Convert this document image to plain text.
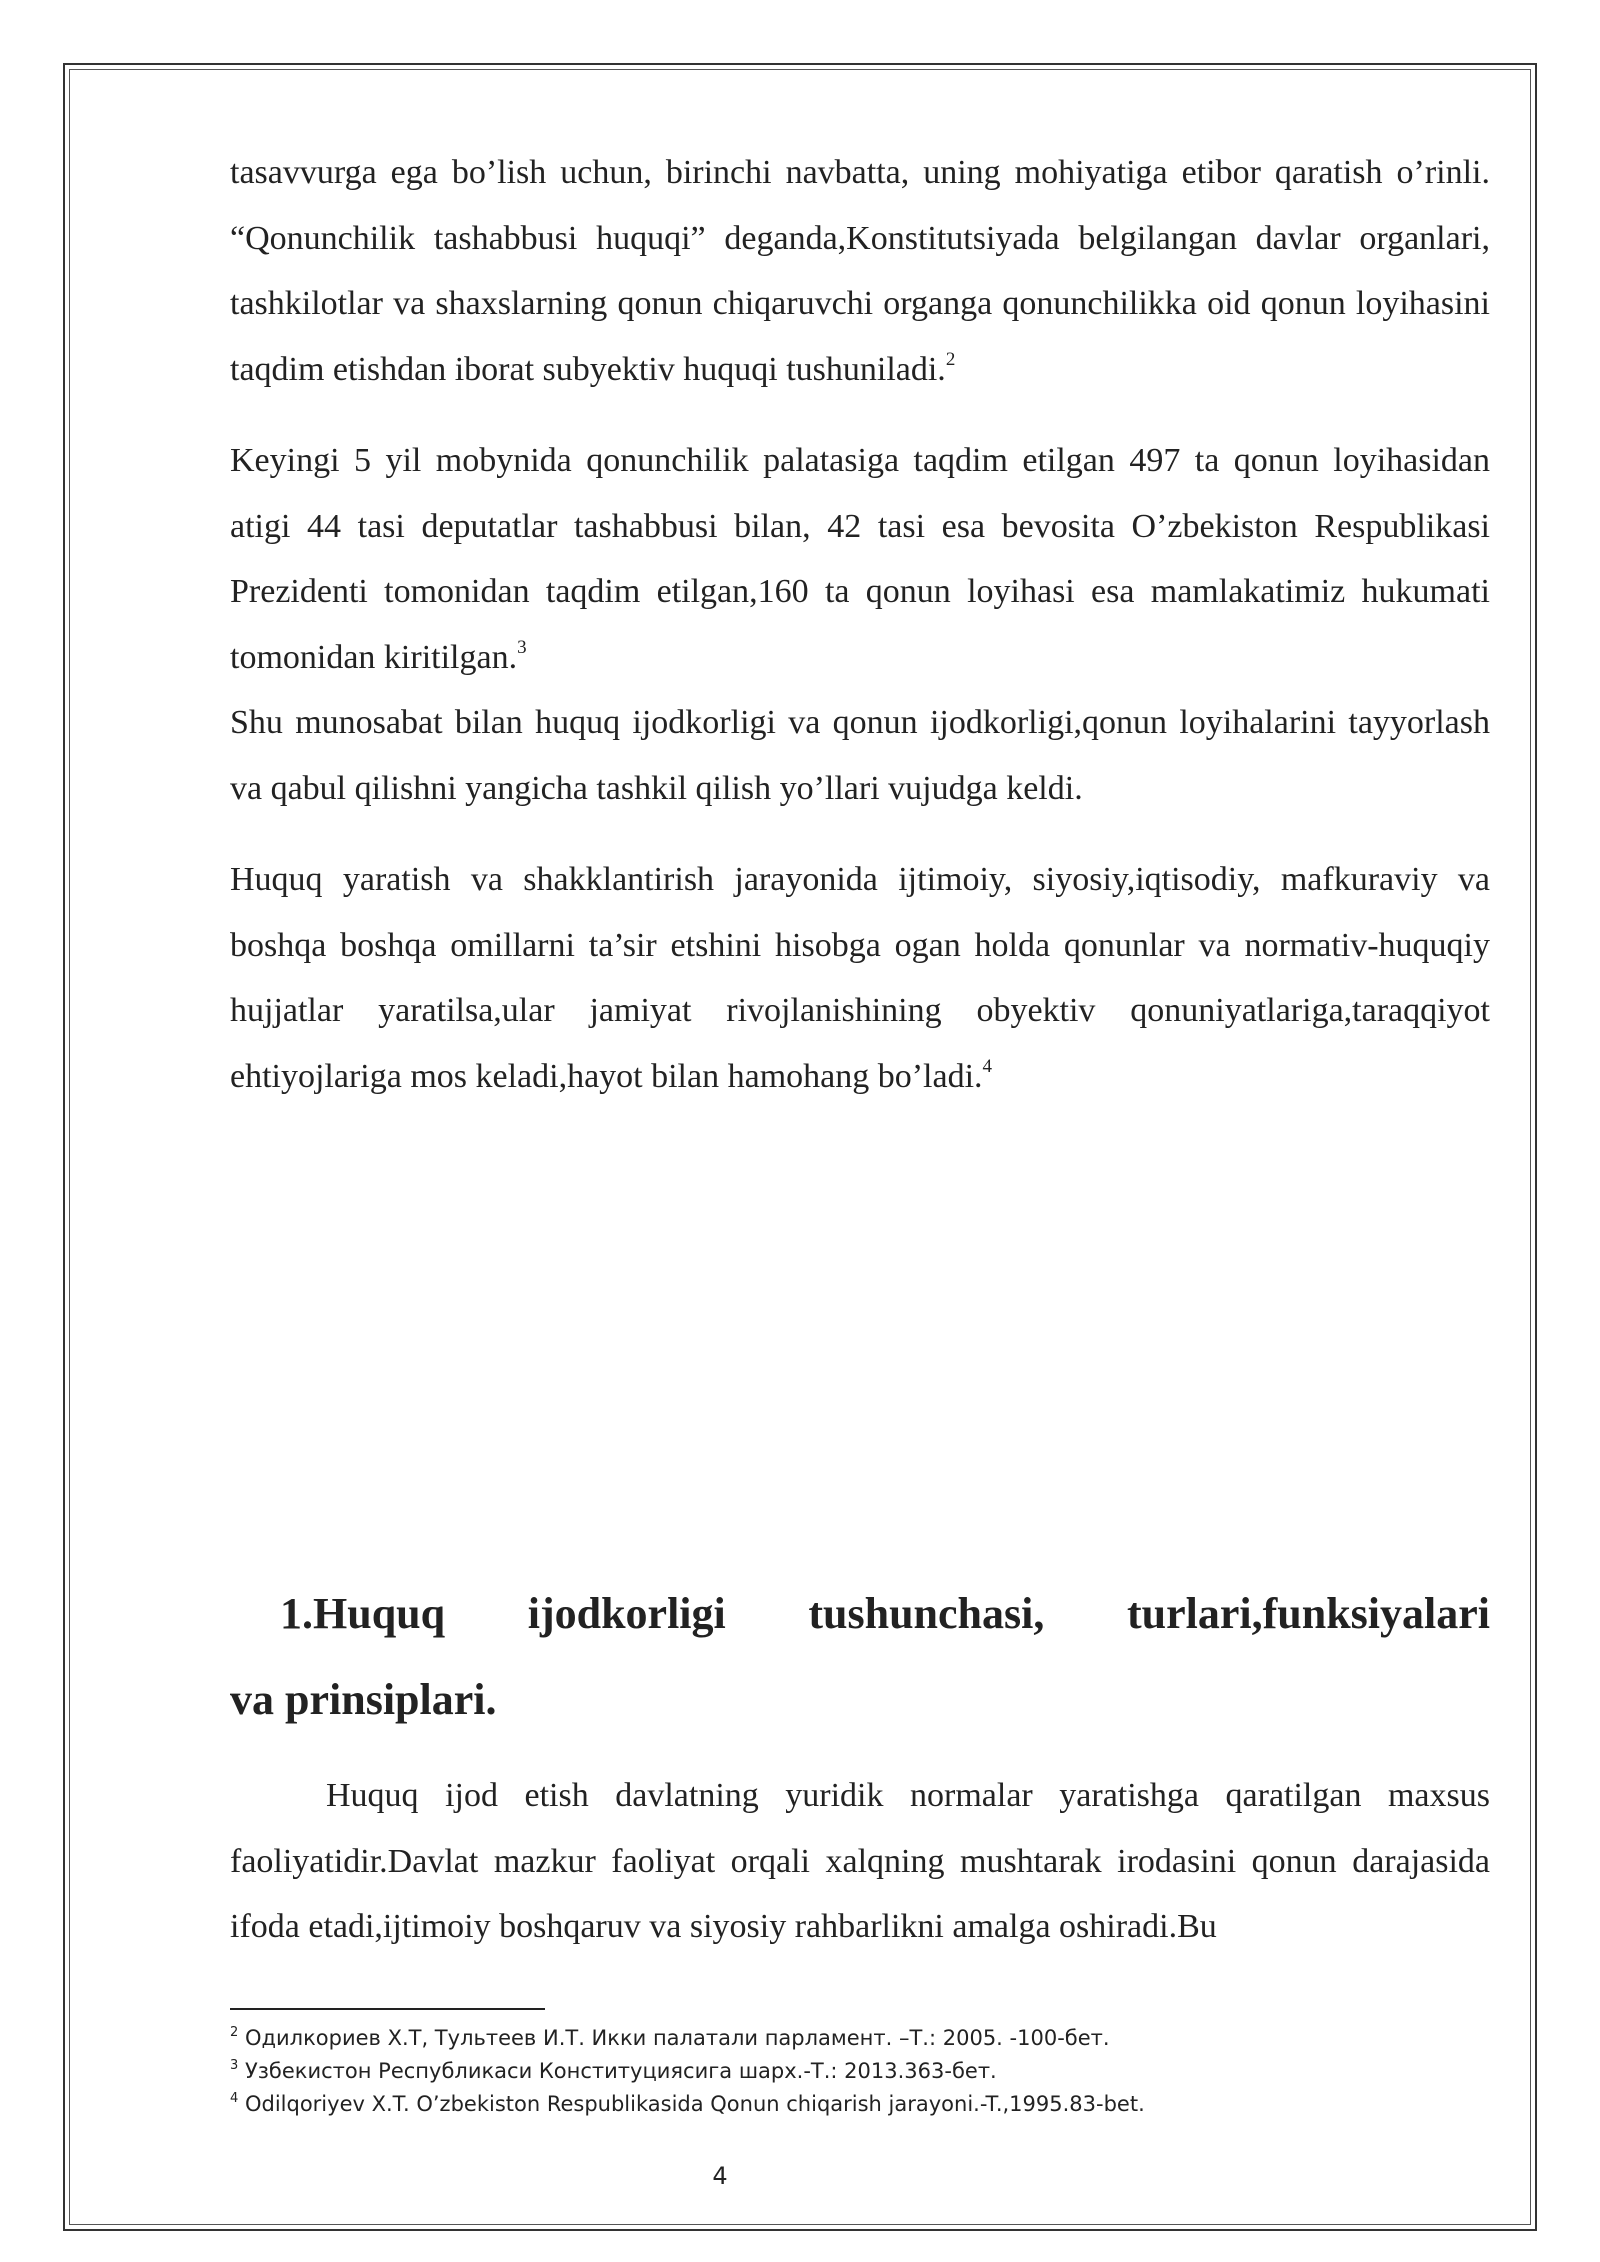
tasavvurga ega bo’lish uchun, birinchi navbatta, uning mohiyatiga etibor qaratish o’rinli. “Qonunchilik tashabbusi huquqi” deganda,Konstitutsiyada belgilangan davlar organlari, tashkilotlar va shaxslarning qonun chiqaruvchi organga qonunchilikka oid qonun loyihasini taqdim etishdan iborat subyektiv huquqi tushuniladi.$^2$

Keyingi 5 yil mobynida qonunchilik palatasiga taqdim etilgan 497 ta qonun loyihasidan atigi 44 tasi deputatlar tashabbusi bilan, 42 tasi esa bevosita O’zbekiston Respublikasi Prezidenti tomonidan taqdim etilgan,160 ta qonun loyihasi esa mamlakatimiz hukumati tomonidan kiritilgan.$^3$
Shu munosabat bilan huquq ijodkorligi va qonun ijodkorligi,qonun loyihalarini tayyorlash va qabul qilishni yangicha tashkil qilish yo’llari vujudga keldi.

Huquq yaratish va shakklantirish jarayonida ijtimoiy, siyosiy,iqtisodiy, mafkuraviy va boshqa boshqa omillarni ta’sir etshini hisobga ogan holda qonunlar va normativ-huquqiy hujjatlar yaratilsa,ular jamiyat rivojlanishining obyektiv qonuniyatlariga,taraqqiyot ehtiyojlariga mos keladi,hayot bilan hamohang bo’ladi.$^4$

1.Huquq ijodkorligi tushunchasi, turlari,funksiyalari
va prinsiplari.

Huquq ijod etish davlatning yuridik normalar yaratishga qaratilgan maxsus faoliyatidir.Davlat mazkur faoliyat orqali xalqning mushtarak irodasini qonun darajasida ifoda etadi,ijtimoiy boshqaruv va siyosiy rahbarlikni amalga oshiradi.Bu

$^2$ Одилкориев Х.Т, Тультеев И.Т. Икки палатали парламент. –Т.: 2005. -100-бет.
$^3$ Узбекистон Республикаси Конституциясига шарх.-Т.: 2013.363-бет.
$^4$ Odilqoriyev X.T. O’zbekiston Respublikasida Qonun chiqarish jarayoni.-T.,1995.83-bet.
4
